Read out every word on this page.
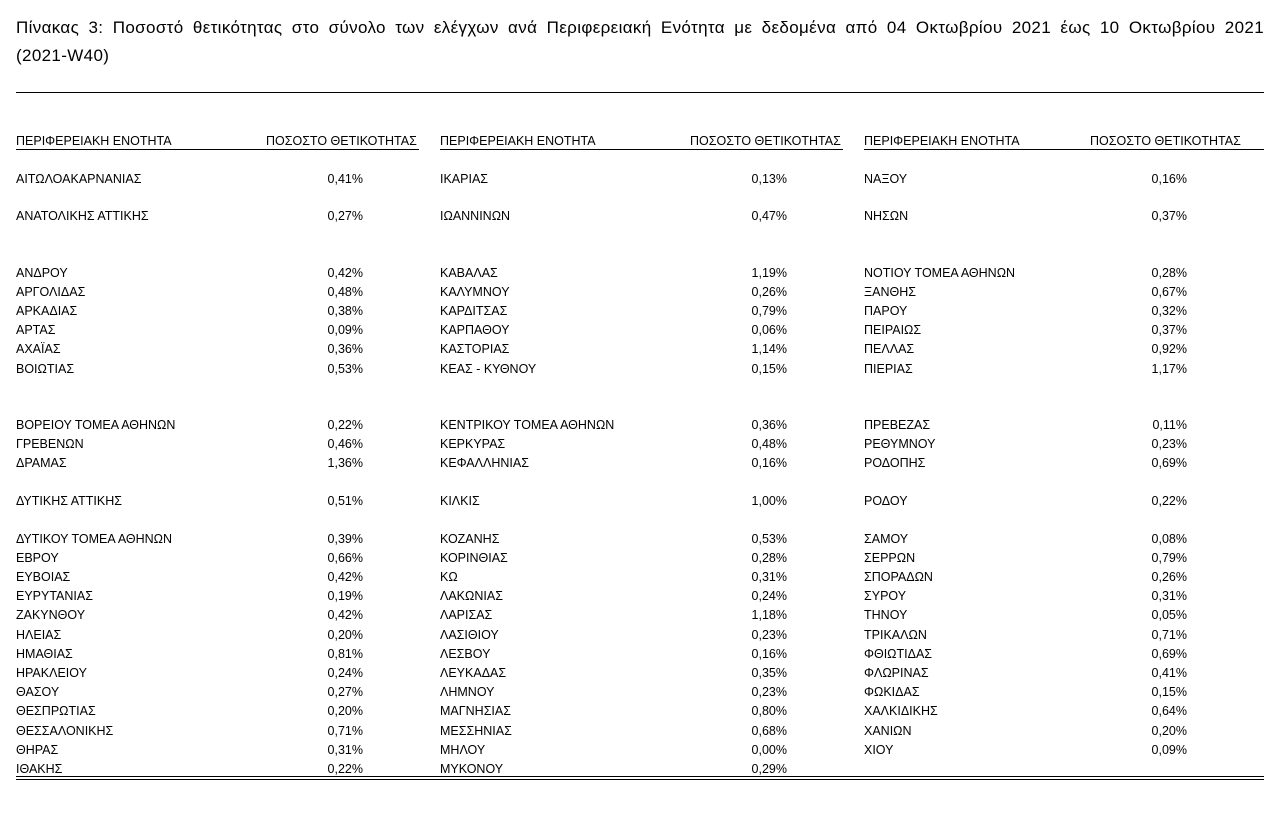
Πίνακας 3: Ποσοστό θετικότητας στο σύνολο των ελέγχων ανά Περιφερειακή Ενότητα με δεδομένα από 04 Οκτωβρίου 2021 έως 10 Οκτωβρίου 2021 (2021-W40)
ΠΕΡΙΦΕΡΕΙΑΚΗ ΕΝΟΤΗΤΑ	ΠΟΣΟΣΤΟ ΘΕΤΙΚΟΤΗΤΑΣ ΠΕΡΙΦΕΡΕΙΑΚΗ ΕΝΟΤΗΤΑ	ΠΟΣΟΣΤΟ ΘΕΤΙΚΟΤΗΤΑΣ ΠΕΡΙΦΕΡΕΙΑΚΗ ΕΝΟΤΗΤΑ	ΠΟΣΟΣΤΟ ΘΕΤΙΚΟΤΗΤΑΣ
ΑΙΤΩΛΟΑΚΑΡΝΑΝΙΑΣ	0,41%
ΑΝΑΤΟΛΙΚΗΣ ΑΤΤΙΚΗΣ	0,27%
ΑΝΔΡΟΥ	0,42%
ΑΡΓΟΛΙΔΑΣ	0,48%
ΑΡΚΑΔΙΑΣ	0,38%
ΑΡΤΑΣ	0,09%
ΑΧΑΪΑΣ	0,36%
ΒΟΙΩΤΙΑΣ	0,53%
ΒΟΡΕΙΟΥ ΤΟΜΕΑ ΑΘΗΝΩΝ	0,22%
ΓΡΕΒΕΝΩΝ	0,46%
ΔΡΑΜΑΣ	1,36%
ΔΥΤΙΚΗΣ ΑΤΤΙΚΗΣ	0,51%
ΔΥΤΙΚΟΥ ΤΟΜΕΑ ΑΘΗΝΩΝ	0,39%
ΕΒΡΟΥ	0,66%
ΕΥΒΟΙΑΣ	0,42%
ΕΥΡΥΤΑΝΙΑΣ	0,19%
ΖΑΚΥΝΘΟΥ	0,42%
ΗΛΕΙΑΣ	0,20%
ΗΜΑΘΙΑΣ	0,81%
ΗΡΑΚΛΕΙΟΥ	0,24%
ΘΑΣΟΥ	0,27%
ΘΕΣΠΡΩΤΙΑΣ	0,20%
ΘΕΣΣΑΛΟΝΙΚΗΣ	0,71%
ΘΗΡΑΣ	0,31%
ΙΘΑΚΗΣ	0,22%
ΙΚΑΡΙΑΣ	0,13%
ΙΩΑΝΝΙΝΩΝ	0,47%
ΚΑΒΑΛΑΣ	1,19%
ΚΑΛΥΜΝΟΥ	0,26%
ΚΑΡΔΙΤΣΑΣ	0,79%
ΚΑΡΠΑΘΟΥ	0,06%
ΚΑΣΤΟΡΙΑΣ	1,14%
ΚΕΑΣ - ΚΥΘΝΟΥ	0,15%
ΚΕΝΤΡΙΚΟΥ ΤΟΜΕΑ ΑΘΗΝΩΝ	0,36%
ΚΕΡΚΥΡΑΣ	0,48%
ΚΕΦΑΛΛΗΝΙΑΣ	0,16%
ΚΙΛΚΙΣ	1,00%
ΚΟΖΑΝΗΣ	0,53%
ΚΟΡΙΝΘΙΑΣ	0,28%
ΚΩ	0,31%
ΛΑΚΩΝΙΑΣ	0,24%
ΛΑΡΙΣΑΣ	1,18%
ΛΑΣΙΘΙΟΥ	0,23%
ΛΕΣΒΟΥ	0,16%
ΛΕΥΚΑΔΑΣ	0,35%
ΛΗΜΝΟΥ	0,23%
ΜΑΓΝΗΣΙΑΣ	0,80%
ΜΕΣΣΗΝΙΑΣ	0,68%
ΜΗΛΟΥ	0,00%
ΜΥΚΟΝΟΥ	0,29%
ΝΑΞΟΥ	0,16%
ΝΗΣΩΝ	0,37%
ΝΟΤΙΟΥ ΤΟΜΕΑ ΑΘΗΝΩΝ	0,28%
ΞΑΝΘΗΣ	0,67%
ΠΑΡΟΥ	0,32%
ΠΕΙΡΑΙΩΣ	0,37%
ΠΕΛΛΑΣ	0,92%
ΠΙΕΡΙΑΣ	1,17%
ΠΡΕΒΕΖΑΣ	0,11%
ΡΕΘΥΜΝΟΥ	0,23%
ΡΟΔΟΠΗΣ	0,69%
ΡΟΔΟΥ	0,22%
ΣΑΜΟΥ	0,08%
ΣΕΡΡΩΝ	0,79%
ΣΠΟΡΑΔΩΝ	0,26%
ΣΥΡΟΥ	0,31%
ΤΗΝΟΥ	0,05%
ΤΡΙΚΑΛΩΝ	0,71%
ΦΘΙΩΤΙΔΑΣ	0,69%
ΦΛΩΡΙΝΑΣ	0,41%
ΦΩΚΙΔΑΣ	0,15%
ΧΑΛΚΙΔΙΚΗΣ	0,64%
ΧΑΝΙΩΝ	0,20%
ΧΙΟΥ	0,09%
